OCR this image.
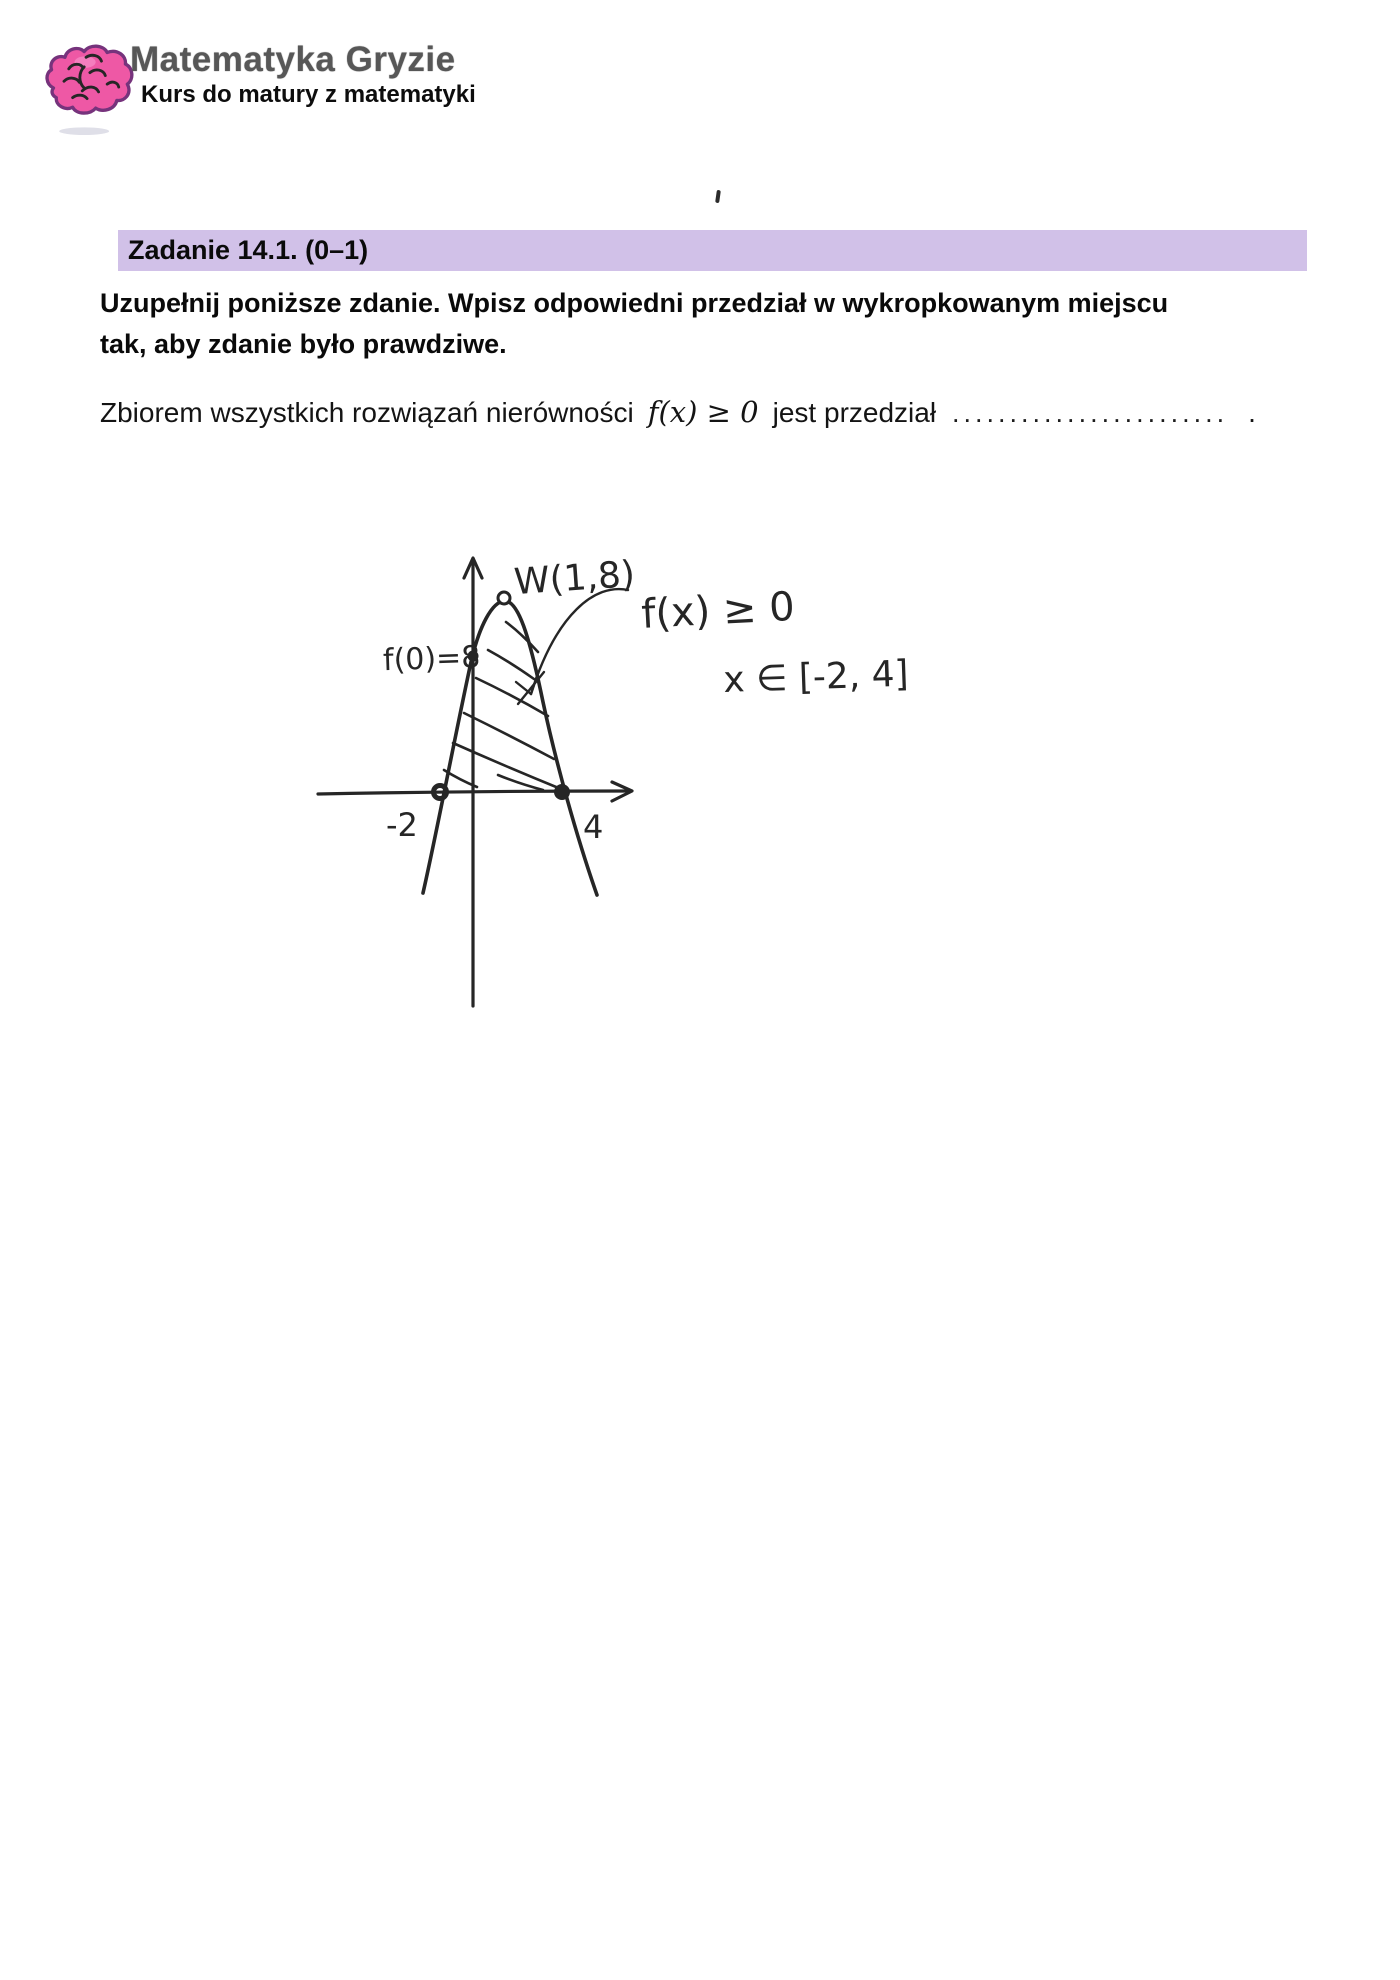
Matematyka Gryzie
Kurs do matury z matematyki
Zadanie 14.1. (0–1)
Uzupełnij poniższe zdanie. Wpisz odpowiedni przedział w wykropkowanym miejscu
tak, aby zdanie było prawdziwe.
Zbiorem wszystkich rozwiązań nierówności f(x) ≥ 0 jest przedział ........................ .
W(1,8)
f(0)=8
f(x) ≥ 0
x ∈ [-2, 4]
-2	4
